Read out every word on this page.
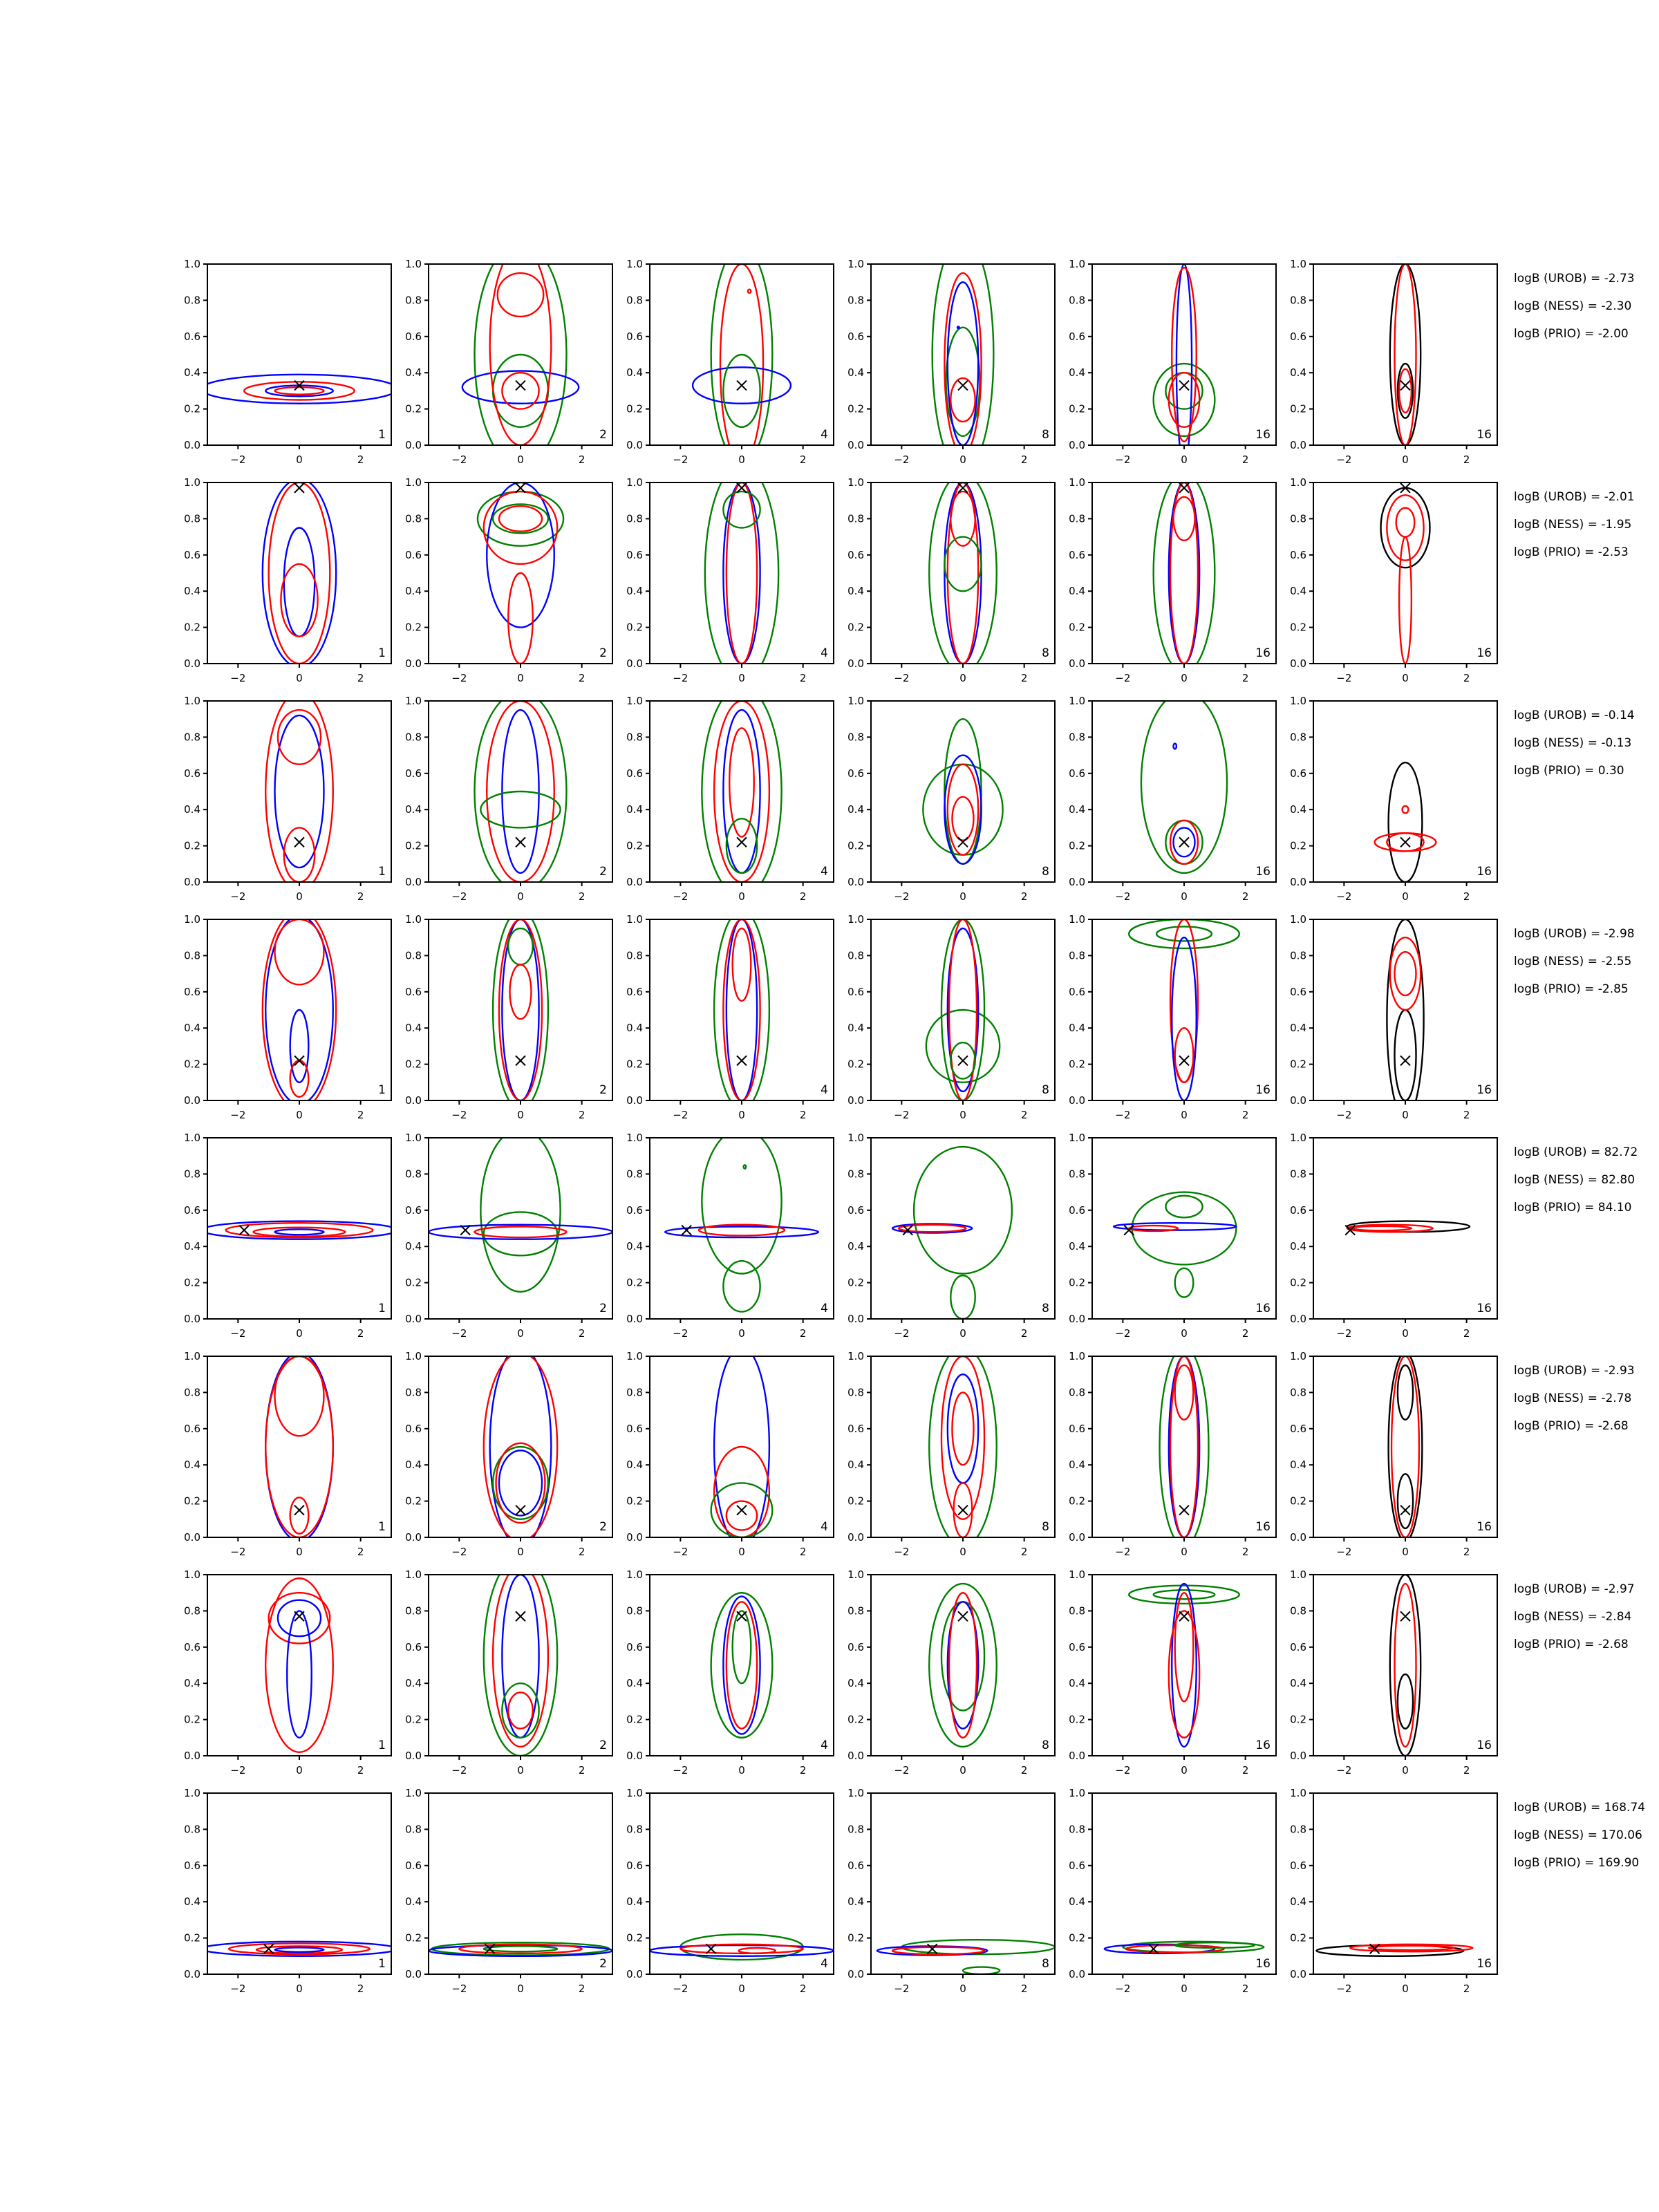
−2	0	2
0.0
0.2
0.4
0.6
0.8
1.0
1
−2	0	2
0.0
0.2
0.4
0.6
0.8
1.0
2
−2	0	2
0.0
0.2
0.4
0.6
0.8
1.0
4
−2	0	2
0.0
0.2
0.4
0.6
0.8
1.0
8
−2	0	2
0.0
0.2
0.4
0.6
0.8
1.0
16
−2	0	2
0.0
0.2
0.4
0.6
0.8
1.0
16
logB (UROB) = -2.73
logB (NESS) = -2.30
logB (PRIO) = -2.00
−2	0	2
0.0
0.2
0.4
0.6
0.8
1.0
1
−2	0	2
0.0
0.2
0.4
0.6
0.8
1.0
2
−2	0	2
0.0
0.2
0.4
0.6
0.8
1.0
4
−2	0	2
0.0
0.2
0.4
0.6
0.8
1.0
8
−2	0	2
0.0
0.2
0.4
0.6
0.8
1.0
16
−2	0	2
0.0
0.2
0.4
0.6
0.8
1.0
16
logB (UROB) = -2.01
logB (NESS) = -1.95
logB (PRIO) = -2.53
−2	0	2
0.0
0.2
0.4
0.6
0.8
1.0
1
−2	0	2
0.0
0.2
0.4
0.6
0.8
1.0
2
−2	0	2
0.0
0.2
0.4
0.6
0.8
1.0
4
−2	0	2
0.0
0.2
0.4
0.6
0.8
1.0
8
−2	0	2
0.0
0.2
0.4
0.6
0.8
1.0
16
−2	0	2
0.0
0.2
0.4
0.6
0.8
1.0
16
logB (UROB) = -0.14
logB (NESS) = -0.13
logB (PRIO) = 0.30
−2	0	2
0.0
0.2
0.4
0.6
0.8
1.0
1
−2	0	2
0.0
0.2
0.4
0.6
0.8
1.0
2
−2	0	2
0.0
0.2
0.4
0.6
0.8
1.0
4
−2	0	2
0.0
0.2
0.4
0.6
0.8
1.0
8
−2	0	2
0.0
0.2
0.4
0.6
0.8
1.0
16
−2	0	2
0.0
0.2
0.4
0.6
0.8
1.0
16
logB (UROB) = -2.98
logB (NESS) = -2.55
logB (PRIO) = -2.85
−2	0	2
0.0
0.2
0.4
0.6
0.8
1.0
1
−2	0	2
0.0
0.2
0.4
0.6
0.8
1.0
2
−2	0	2
0.0
0.2
0.4
0.6
0.8
1.0
4
−2	0	2
0.0
0.2
0.4
0.6
0.8
1.0
8
−2	0	2
0.0
0.2
0.4
0.6
0.8
1.0
16
−2	0	2
0.0
0.2
0.4
0.6
0.8
1.0
16
logB (UROB) = 82.72
logB (NESS) = 82.80
logB (PRIO) = 84.10
−2	0	2
0.0
0.2
0.4
0.6
0.8
1.0
1
−2	0	2
0.0
0.2
0.4
0.6
0.8
1.0
2
−2	0	2
0.0
0.2
0.4
0.6
0.8
1.0
4
−2	0	2
0.0
0.2
0.4
0.6
0.8
1.0
8
−2	0	2
0.0
0.2
0.4
0.6
0.8
1.0
16
−2	0	2
0.0
0.2
0.4
0.6
0.8
1.0
16
logB (UROB) = -2.93
logB (NESS) = -2.78
logB (PRIO) = -2.68
−2	0	2
0.0
0.2
0.4
0.6
0.8
1.0
1
−2	0	2
0.0
0.2
0.4
0.6
0.8
1.0
2
−2	0	2
0.0
0.2
0.4
0.6
0.8
1.0
4
−2	0	2
0.0
0.2
0.4
0.6
0.8
1.0
8
−2	0	2
0.0
0.2
0.4
0.6
0.8
1.0
16
−2	0	2
0.0
0.2
0.4
0.6
0.8
1.0
16
logB (UROB) = -2.97
logB (NESS) = -2.84
logB (PRIO) = -2.68
−2	0	2
0.0
0.2
0.4
0.6
0.8
1.0
1
−2	0	2
0.0
0.2
0.4
0.6
0.8
1.0
2
−2	0	2
0.0
0.2
0.4
0.6
0.8
1.0
4
−2	0	2
0.0
0.2
0.4
0.6
0.8
1.0
8
−2	0	2
0.0
0.2
0.4
0.6
0.8
1.0
16
−2	0	2
0.0
0.2
0.4
0.6
0.8
1.0
16
logB (UROB) = 168.74
logB (NESS) = 170.06
logB (PRIO) = 169.90
